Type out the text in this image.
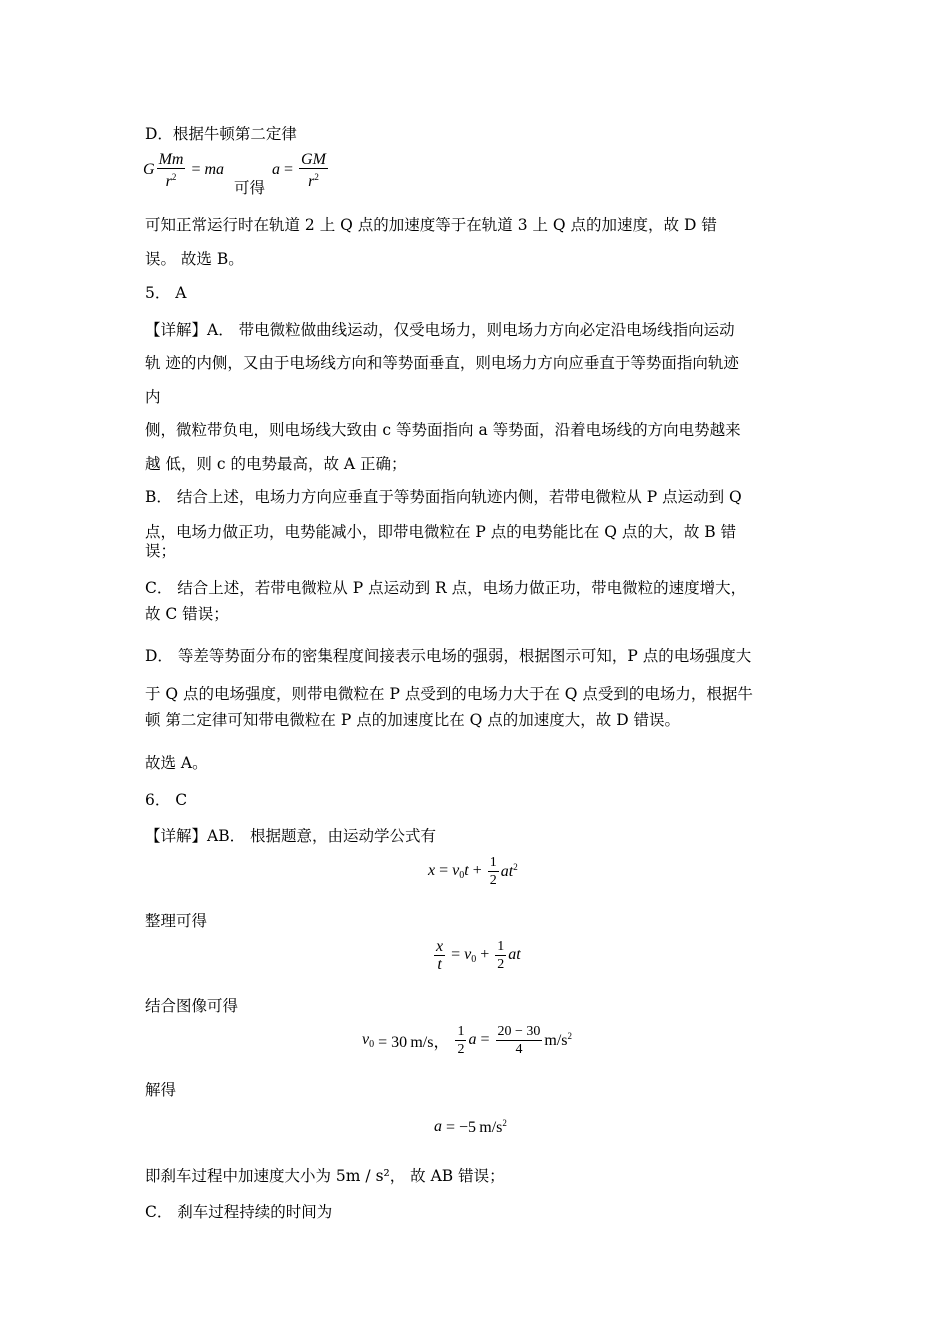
D．根据牛顿第二定律
G $\frac{Mm}{r^2}$ = ma
可得
$a = \frac{GM}{r^2}$
可知正常运行时在轨道 2 上 Q 点的加速度等于在轨道 3 上 Q 点的加速度，故 D 错
误。 故选 B。
5． A
【详解】A． 带电微粒做曲线运动，仅受电场力，则电场力方向必定沿电场线指向运动
轨 迹的内侧，又由于电场线方向和等势面垂直，则电场力方向应垂直于等势面指向轨迹
内
侧，微粒带负电，则电场线大致由 c 等势面指向 a 等势面，沿着电场线的方向电势越来
越 低，则 c 的电势最高，故 A 正确；
B． 结合上述，电场力方向应垂直于等势面指向轨迹内侧，若带电微粒从 P 点运动到 Q
点，电场力做正功，电势能减小，即带电微粒在 P 点的电势能比在 Q 点的大，故 B 错
误；
C． 结合上述，若带电微粒从 P 点运动到 R 点，电场力做正功，带电微粒的速度增大，
故 C 错误；
D． 等差等势面分布的密集程度间接表示电场的强弱，根据图示可知，P 点的电场强度大
于 Q 点的电场强度，则带电微粒在 P 点受到的电场力大于在 Q 点受到的电场力，根据牛
顿 第二定律可知带电微粒在 P 点的加速度比在 Q 点的加速度大，故 D 错误。
故选 A。
6． C
【详解】AB． 根据题意，由运动学公式有
$x = v_0t + \frac{1}{2} at^2$
整理可得
$\frac{x}{t} = v_0 + \frac{1}{2}$ at
结合图像可得
$v_0 = 30$ m/s， $\frac{1}{2}$ $a = \frac{20 - 30}{4} m/s^2$
解得
a = −5 $m/s^2$
即刹车过程中加速度大小为 5m / s²， 故 AB 错误；
C． 刹车过程持续的时间为
